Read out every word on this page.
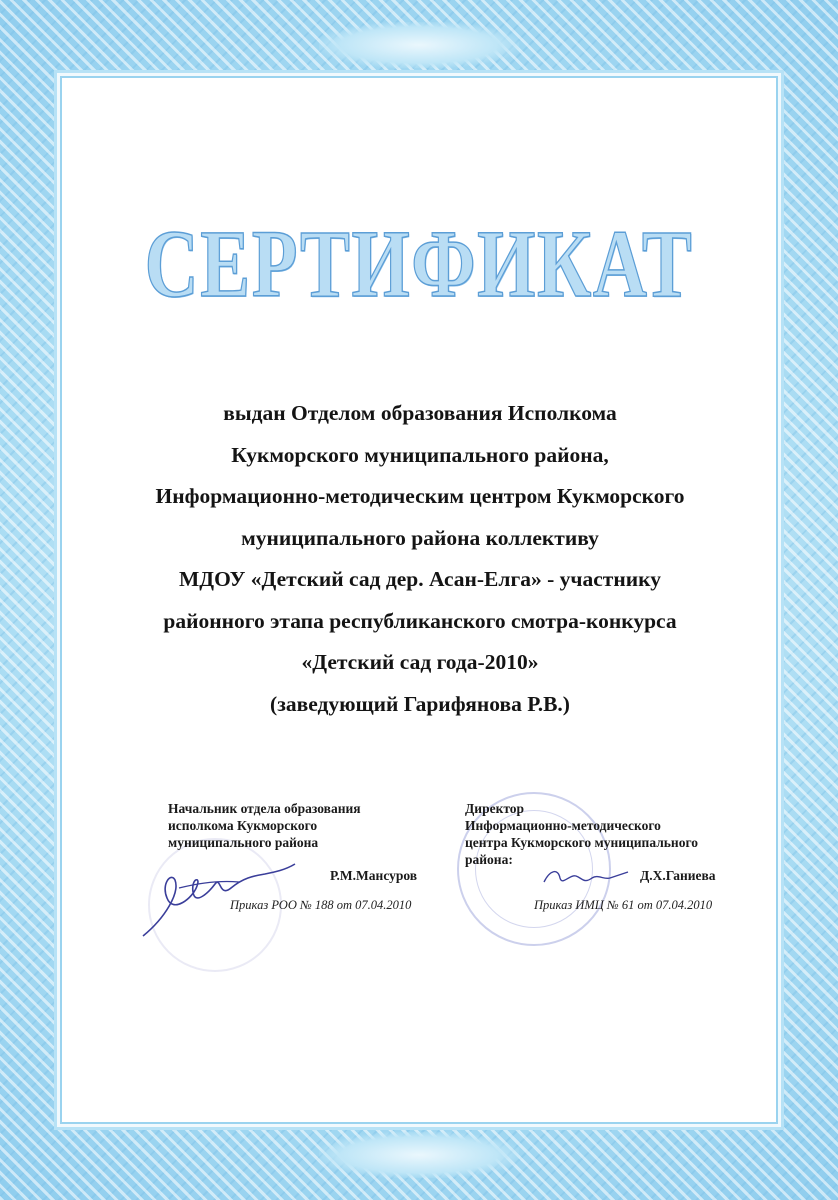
СЕРТИФИКАТ
выдан Отделом образования Исполкома
Кукморского муниципального района,
Информационно-методическим центром Кукморского
муниципального района коллективу
МДОУ «Детский сад дер. Асан-Елга» - участнику
районного этапа республиканского смотра-конкурса
«Детский сад года-2010»
(заведующий Гарифянова Р.В.)
Начальник отдела образования
исполкома Кукморского
муниципального района
Р.М.Мансуров
Приказ РОО № 188 от 07.04.2010
Директор
Информационно-методического
центра Кукморского муниципального
района:
Д.Х.Ганиева
Приказ ИМЦ № 61 от 07.04.2010
